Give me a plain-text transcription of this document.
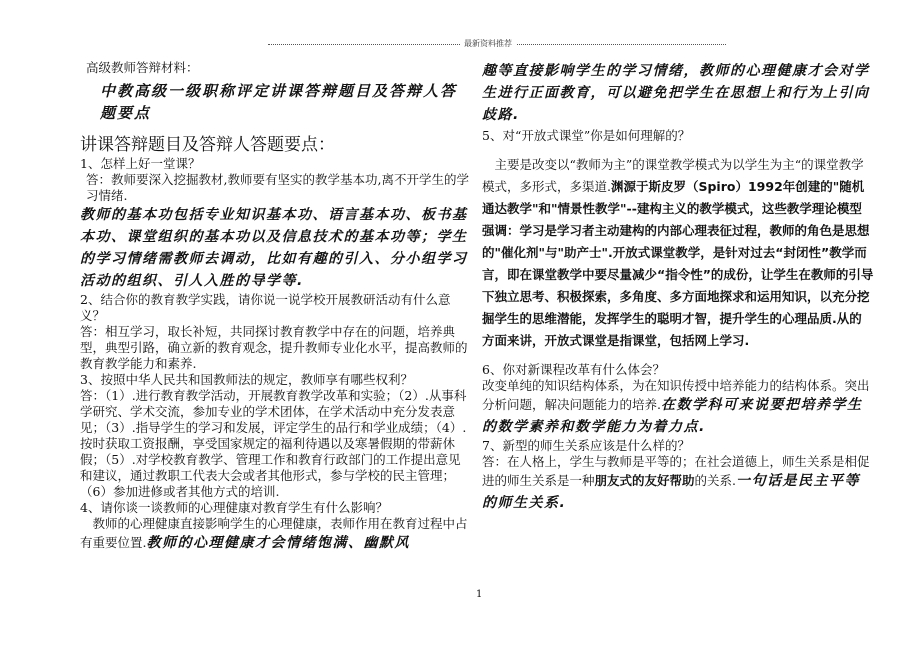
最新资料推荐

高级教师答辩材料：

中教高级一级职称评定讲课答辩题目及答辩人答题要点

讲课答辩题目及答辩人答题要点：

1、怎样上好一堂课？

答：教师要深入挖掘教材,教师要有坚实的教学基本功,离不开学生的学习情绪.

教师的基本功包括专业知识基本功、语言基本功、板书基本功、课堂组织的基本功以及信息技术的基本功等；学生的学习情绪需教师去调动，比如有趣的引入、分小组学习活动的组织、引人入胜的导学等.

2、结合你的教育教学实践，请你说一说学校开展教研活动有什么意义？

答：相互学习，取长补短，共同探讨教育教学中存在的问题，培养典型，典型引路，确立新的教育观念，提升教师专业化水平，提高教师的教育教学能力和素养.

3、按照中华人民共和国教师法的规定，教师享有哪些权利？

答：（1）.进行教育教学活动，开展教育教学改革和实验；（2）.从事科学研究、学术交流，参加专业的学术团体，在学术活动中充分发表意见；（3）.指导学生的学习和发展，评定学生的品行和学业成绩；（4）.按时获取工资报酬，享受国家规定的福利待遇以及寒暑假期的带薪休假；（5）.对学校教育教学、管理工作和教育行政部门的工作提出意见和建议，通过教职工代表大会或者其他形式，参与学校的民主管理；（6）参加进修或者其他方式的培训.

4、请你谈一谈教师的心理健康对教育学生有什么影响？

　教师的心理健康直接影响学生的心理健康，表师作用在教育过程中占有重要位置.教师的心理健康才会情绪饱满、幽默风

趣等直接影响学生的学习情绪，教师的心理健康才会对学生进行正面教育，可以避免把学生在思想上和行为上引向歧路.

5、对“开放式课堂”你是如何理解的？

　主要是改变以“教师为主”的课堂教学模式为以学生为主“的课堂教学模式，多形式，多渠道.渊源于斯皮罗（Spiro）1992年创建的"随机通达教学"和"情景性教学"--建构主义的教学模式，这些教学理论模型强调：学习是学习者主动建构的内部心理表征过程，教师的角色是思想的"催化剂"与"助产士".开放式课堂教学，是针对过去“封闭性”教学而言，即在课堂教学中要尽量减少“指令性”的成份，让学生在教师的引导下独立思考、积极探索，多角度、多方面地探求和运用知识，以充分挖掘学生的思维潜能，发挥学生的聪明才智，提升学生的心理品质.从的方面来讲，开放式课堂是指课堂，包括网上学习.

6、你对新课程改革有什么体会？

改变单纯的知识结构体系，为在知识传授中培养能力的结构体系。突出分析问题，解决问题能力的培养.在数学科可来说要把培养学生的数学素养和数学能力为着力点.

7、新型的师生关系应该是什么样的？

答：在人格上，学生与教师是平等的；在社会道德上，师生关系是相促进的师生关系是一种朋友式的友好帮助的关系.一句话是民主平等的师生关系.

1
